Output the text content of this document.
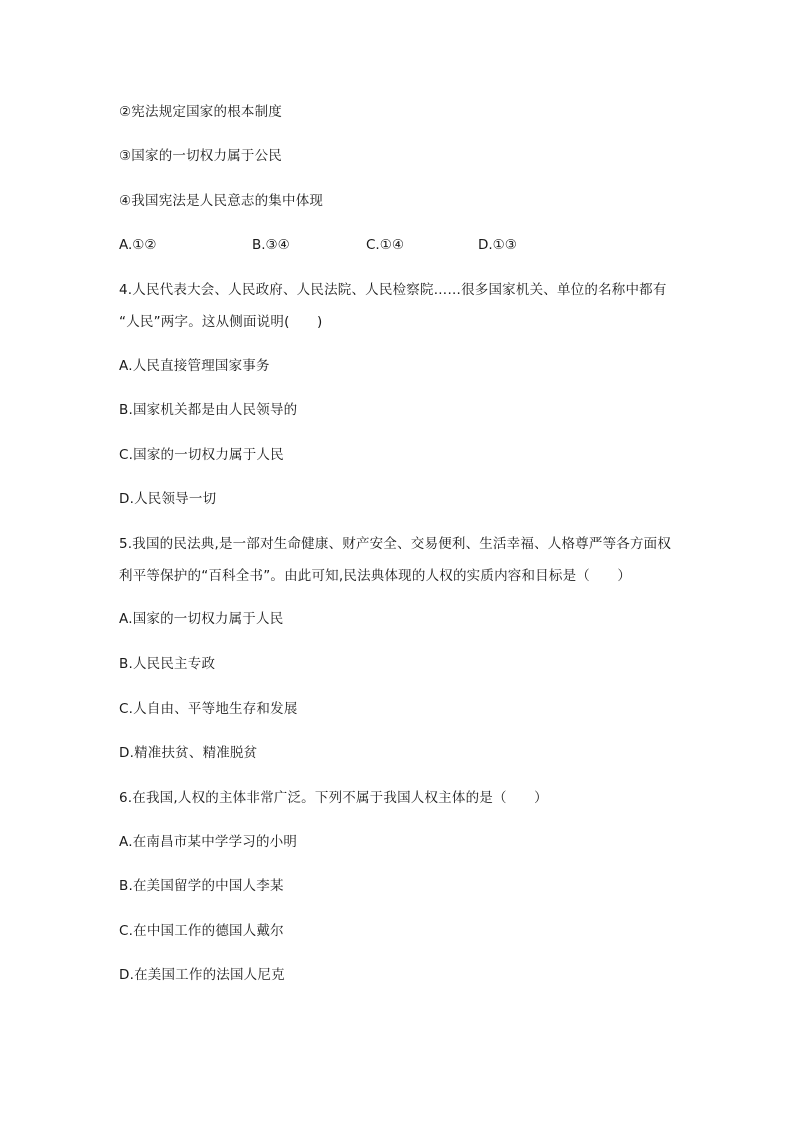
②宪法规定国家的根本制度
③国家的一切权力属于公民
④我国宪法是人民意志的集中体现
A.①②	B.③④	C.①④	D.①③
4.人民代表大会、人民政府、人民法院、人民检察院……很多国家机关、单位的名称中都有
“人民”两字。这从侧面说明(　　)
A.人民直接管理国家事务
B.国家机关都是由人民领导的
C.国家的一切权力属于人民
D.人民领导一切
5.我国的民法典,是一部对生命健康、财产安全、交易便利、生活幸福、人格尊严等各方面权
利平等保护的“百科全书”。由此可知,民法典体现的人权的实质内容和目标是（　　）
A.国家的一切权力属于人民
B.人民民主专政
C.人自由、平等地生存和发展
D.精准扶贫、精准脱贫
6.在我国,人权的主体非常广泛。下列不属于我国人权主体的是（　　）
A.在南昌市某中学学习的小明
B.在美国留学的中国人李某
C.在中国工作的德国人戴尔
D.在美国工作的法国人尼克
